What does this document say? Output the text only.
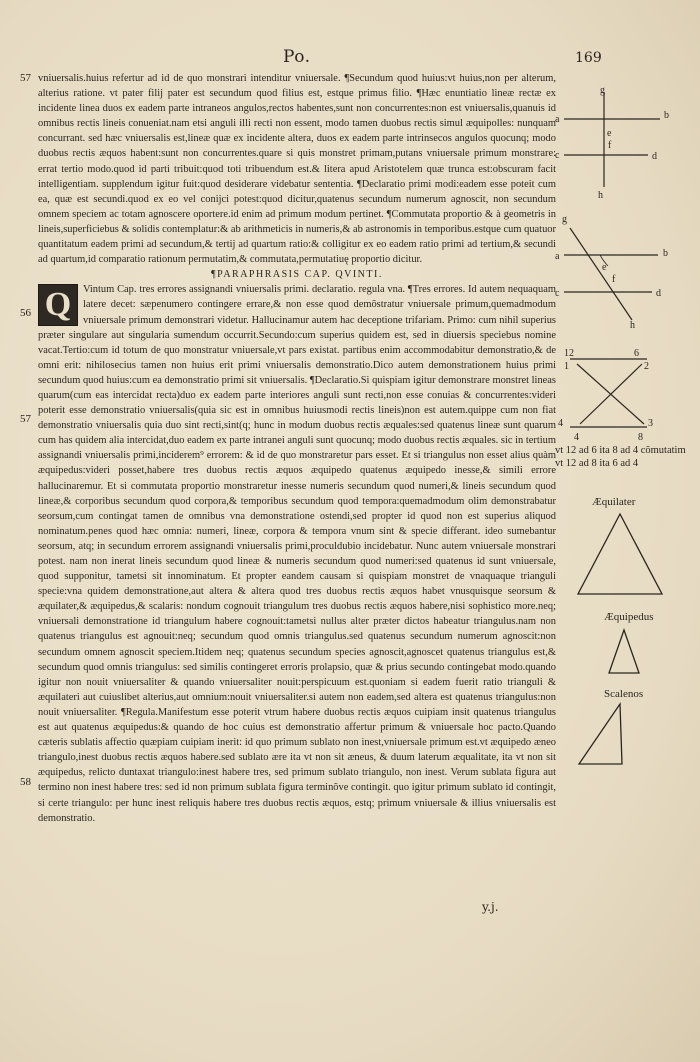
Po.	169
57
56
57
58

vniuersalis.huius refertur ad id de quo monstrari intenditur vniuersale. ¶Secundum quod huius:vt huius,non per alterum, alterius ratione. vt pater filij pater est secundum quod filius est, estque primus filio. ¶Hæc enuntiatio lineæ rectæ ex incidente linea duos ex eadem parte intraneos angulos,rectos habentes,sunt non concurrentes:non est vniuersalis,quanuis id omnibus rectis lineis conueniat.nam etsi anguli illi recti non essent, modo tamen duobus rectis simul æquipolles: nunquam concurrant. sed hæc vniuersalis est,lineæ quæ ex incidente altera, duos ex eadem parte intrinsecos angulos quocunq; modo duobus rectis æquos habent:sunt non concurrentes.quare si quis monstret primam,putans vniuersale primum monstrare: errat tertio modo.quod id parti tribuit:quod toti tribuendum est.& litera apud Aristotelem quæ trunca est:obscuram facit intelligentiam. supplendum igitur fuit:quod desiderare videbatur sententia. ¶Declaratio primi modi:eadem esse poteit cum ea, quæ est secundi.quod ex eo vel conijci potest:quod dicitur,quatenus secundum numerum agnoscit, non secundum omnem speciem ac totam agnoscere oportere.id enim ad primum modum pertinet. ¶Commutata proportio & à geometris in lineis,superficiebus & solidis contemplatur:& ab arithmeticis in numeris,& ab astronomis in temporibus.estque cum quatuor quantitatum eadem primi ad secundum,& tertij ad quartum ratio:& colligitur ex eo eadem ratio primi ad tertium,& secundi ad quartum,id comparatio rationum permutatim,& commutata,permutatiuę proportio dicitur.

¶PARAPHRASIS CAP. QVINTI.

Q	Vintum Cap. tres errores assignandi vniuersalis primi. declaratio. regula vna. ¶Tres errores. Id autem nequaquam latere decet: sæpenumero contingere errare,& non esse quod demõstratur vniuersale primum,quemadmodum vniuersale primum demonstrari videtur. Hallucinamur autem hac deceptione trifariam. Primo: cum nihil superius præter singulare aut singularia sumendum occurrit.Secundo:cum superius quidem est, sed in diuersis speciebus nomine vacat.Tertio:cum id totum de quo monstratur vniuersale,vt pars existat. partibus enim accommodabitur demonstratio,& de omni erit: nihilosecius tamen non huius erit primi vniuersalis demonstratio.Dico autem demonstrationem huius primi secundum quod huius:cum ea demonstratio primi sit vniuersalis. ¶Declaratio.Si quispiam igitur demonstrare monstret lineas quarum(cum eas intercidat recta)duo ex eadem parte interiores anguli sunt recti,non esse conuias & concurrentes:videri poterit esse demonstratio vniuersalis(quia sic est in omnibus huiusmodi rectis lineis)non est autem.quippe cum non fiat demonstratio vniuersalis quia duo sint recti,sint(q; hunc in modum duobus rectis æquales:sed quatenus lineæ sunt quarum cum has quidem alia intercidat,duo eadem ex parte intranei anguli sunt quocunq; modo duobus rectis æquales. sic in tertium assignandi vniuersalis primi,inciderem⁹ errorem: & id de quo monstraretur pars esset. Et si triangulus non esset alius quàm æquipedus:videri posset,habere tres duobus rectis æquos æquipedo quatenus æquipedo inesse,& simili errore hallucinaremur. Et si commutata proportio monstraretur inesse numeris secundum quod numeri,& lineis secundum quod lineæ,& corporibus secundum quod corpora,& temporibus secundum quod tempora:quemadmodum olim demonstrabatur seorsum,cum contingat tamen de omnibus vna demonstratione ostendi,sed propter id quod non est superius aliquod nominatum.penes quod hæc omnia: numeri, lineæ, corpora & tempora vnum sint & specie differant. ideo sumebantur seorsum, atq; in secundum errorem assignandi vniuersalis primi,proculdubio incidebatur. Nunc autem vniuersale monstrari potest. nam non inerat lineis secundum quod lineæ & numeris secundum quod numeri:sed quatenus id sunt vniuersale, quod supponitur, tametsi sit innominatum. Et propter eandem causam si quispiam monstret de vnaquaque trianguli specie:vna quidem demonstratione,aut altera & altera quod tres duobus rectis æquos habet vnusquisque seorsum & æquilater,& æquipedus,& scalaris: nondum cognouit triangulum tres duobus rectis æquos habere,nisi sophistico more.neq; vniuersali demonstratione id triangulum habere cognouit:tametsi nullus alter præter dictos habeatur triangulus.nam non quatenus triangulus est agnouit:neq; secundum quod omnis triangulus.sed quatenus secundum numerum agnoscit:non secundum omnem agnoscit speciem.Itidem neq; quatenus secundum species agnoscit,agnoscet quatenus triangulus est,& secundum quod omnis triangulus: sed similis contingeret erroris prolapsio, quæ & prius secundo contingebat modo.quando igitur non nouit vniuersaliter & quando vniuersaliter nouit:perspicuum est.quoniam si eadem fuerit ratio trianguli & æquilateri aut cuiuslibet alterius,aut omnium:nouit vniuersaliter.si autem non eadem,sed altera est quatenus triangulus:non nouit vniuersaliter. ¶Regula.Manifestum esse poterit vtrum habere duobus rectis æquos cuipiam insit quatenus triangulus est aut quatenus æquipedus:& quando de hoc cuius est demonstratio affertur primum & vniuersale hoc pacto.Quando cæteris sublatis affectio quæpiam cuipiam inerit: id quo primum sublato non inest,vniuersale primum est.vt æquipedo æneo triangulo,inest duobus rectis æquos habere.sed sublato ære ita vt non sit æneus, & duum laterum æqualitate, ita vt non sit æquipedus, relicto duntaxat triangulo:inest habere tres, sed primum sublato triangulo, non inest. Verum sublata figura aut termino non inest habere tres: sed id non primum sublata figura terminõve contingit. quo igitur primum sublato id contingit, si certe triangulo: per hunc inest reliquis habere tres duobus rectis æquos, estq; primum vniuersale & illius vniuersalis est demonstratio.

g
a	b
e
f
c	d
h
g
a	b
e
f
c	d
h
12	6
1	2
4	3
4	8
vt 12 ad 6 ita 8 ad 4 cõmutatim vt 12 ad 8 ita 6 ad 4
Æquilater
Æquipedus
Scalenos
y.j.
